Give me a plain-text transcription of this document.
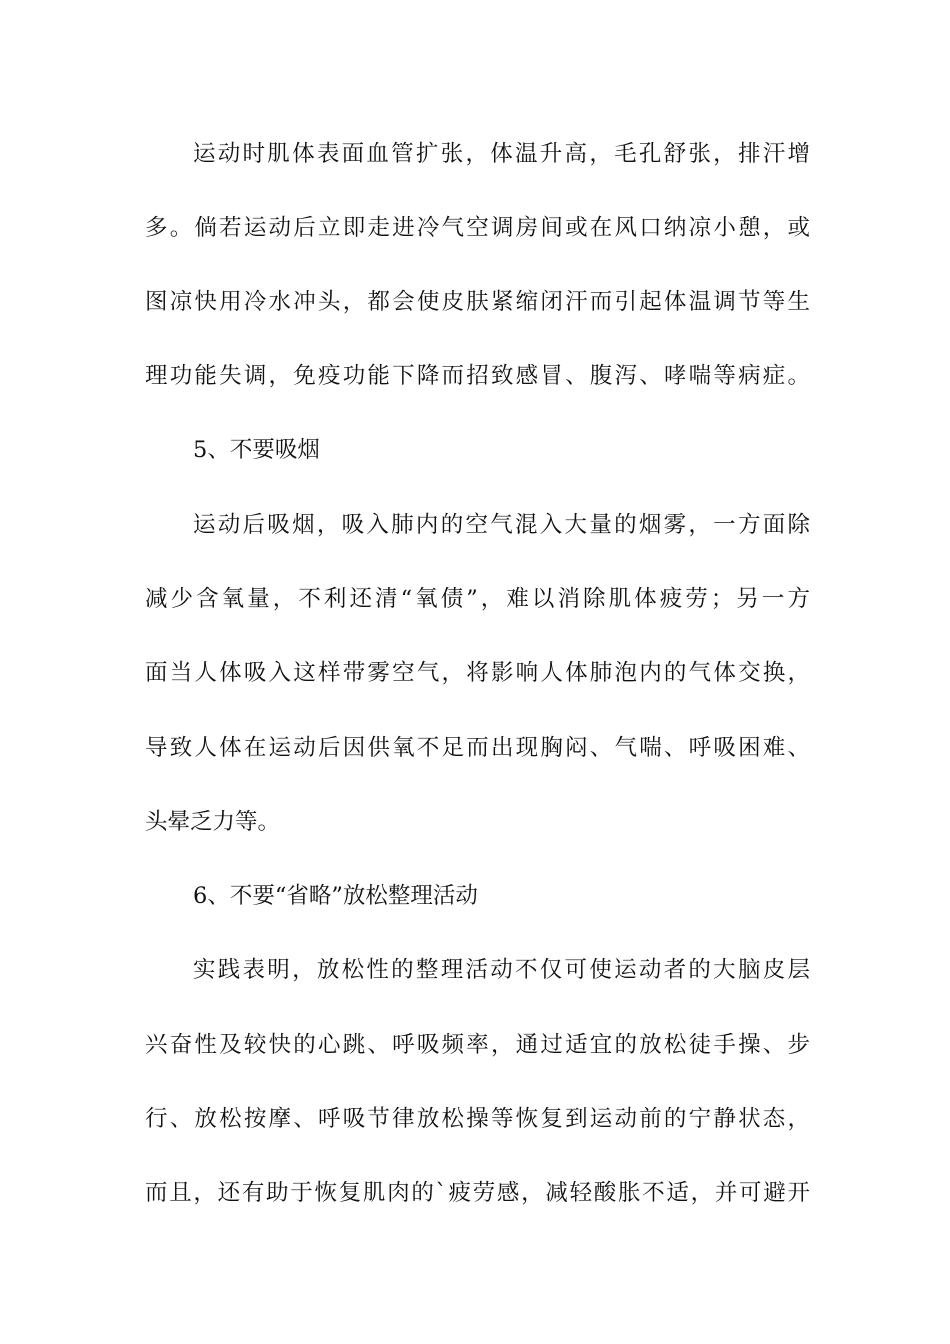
运动时肌体表面血管扩张，体温升高，毛孔舒张，排汗增
多。倘若运动后立即走进冷气空调房间或在风口纳凉小憩，或
图凉快用冷水冲头，都会使皮肤紧缩闭汗而引起体温调节等生
理功能失调，免疫功能下降而招致感冒、腹泻、哮喘等病症。
5、不要吸烟
运动后吸烟，吸入肺内的空气混入大量的烟雾，一方面除
减少含氧量，不利还清“氧债”，难以消除肌体疲劳；另一方
面当人体吸入这样带雾空气，将影响人体肺泡内的气体交换，
导致人体在运动后因供氧不足而出现胸闷、气喘、呼吸困难、
头晕乏力等。
6、不要“省略”放松整理活动
实践表明，放松性的整理活动不仅可使运动者的大脑皮层
兴奋性及较快的心跳、呼吸频率，通过适宜的放松徒手操、步
行、放松按摩、呼吸节律放松操等恢复到运动前的宁静状态，
而且，还有助于恢复肌肉的`疲劳感，减轻酸胀不适，并可避开
